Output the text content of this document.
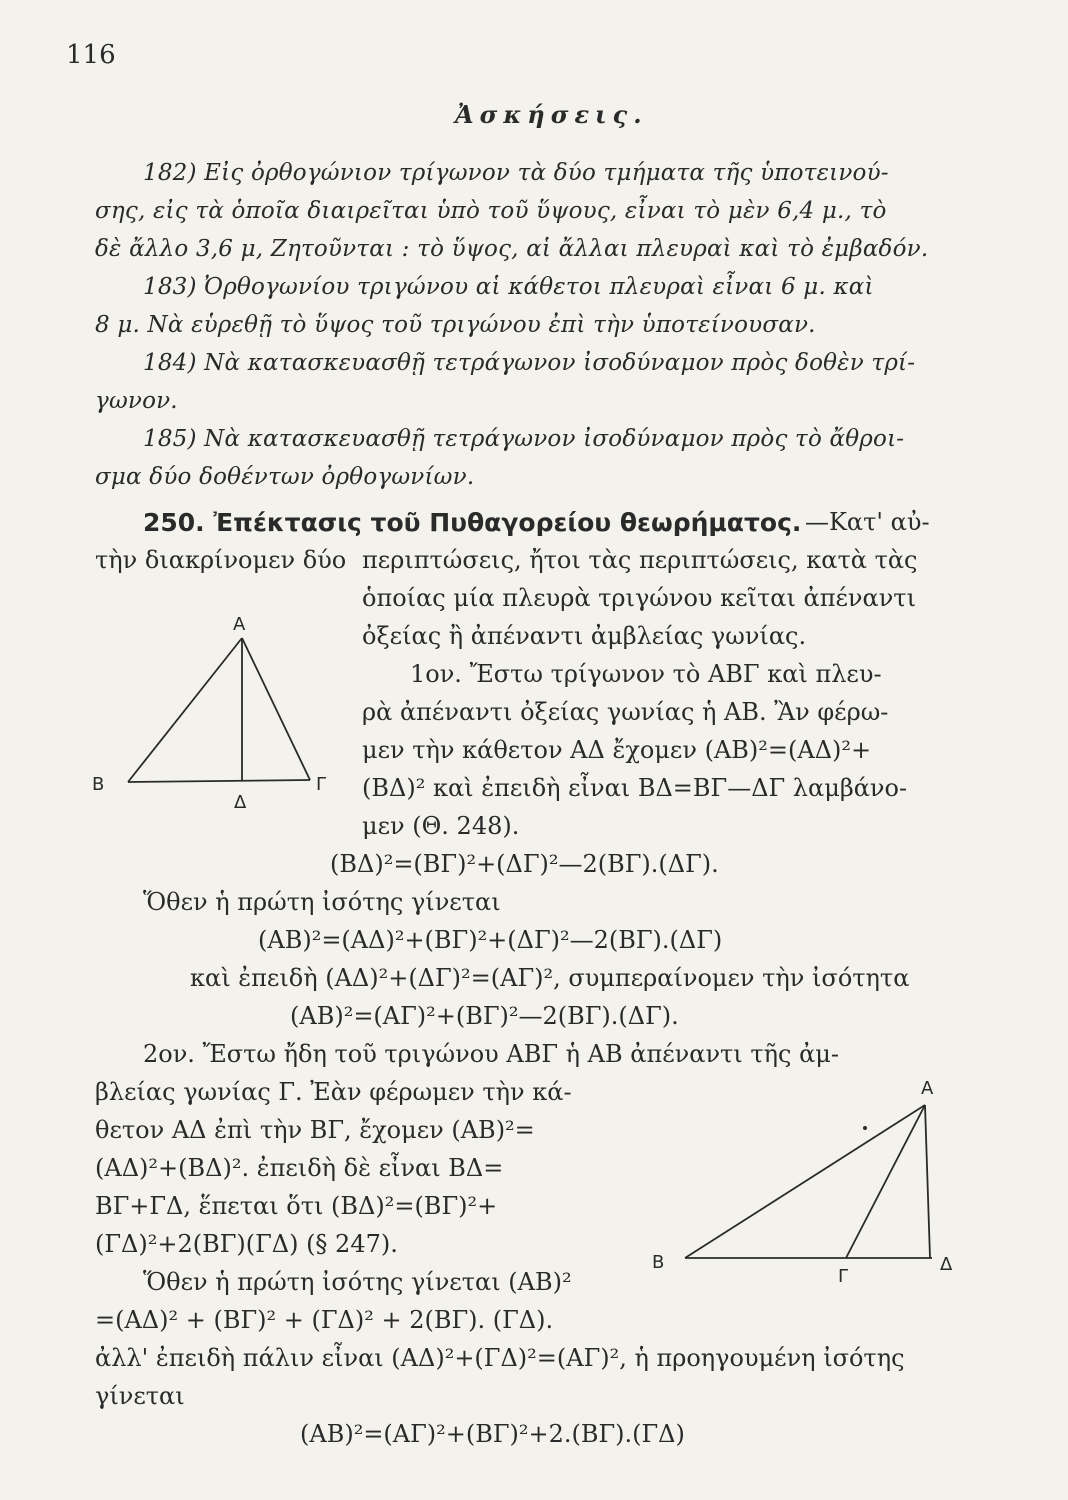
116
Ἀσκήσεις.
182) Εἰς ὀρθογώνιον τρίγωνον τὰ δύο τμήματα τῆς ὑποτεινού-
σης, εἰς τὰ ὁποῖα διαιρεῖται ὑπὸ τοῦ ὕψους, εἶναι τὸ μὲν 6,4 μ., τὸ
δὲ ἄλλο 3,6 μ, Ζητοῦνται : τὸ ὕψος, αἱ ἄλλαι πλευραὶ καὶ τὸ ἐμβαδόν.
183) Ὀρθογωνίου τριγώνου αἱ κάθετοι πλευραὶ εἶναι 6 μ. καὶ
8 μ. Νὰ εὑρεθῇ τὸ ὕψος τοῦ τριγώνου ἐπὶ τὴν ὑποτείνουσαν.
184) Νὰ κατασκευασθῇ τετράγωνον ἰσοδύναμον πρὸς δοθὲν τρί-
γωνον.
185) Νὰ κατασκευασθῇ τετράγωνον ἰσοδύναμον πρὸς τὸ ἄθροι-
σμα δύο δοθέντων ὀρθογωνίων.
250. Ἐπέκτασις τοῦ Πυθαγορείου θεωρήματος. —Κατ' αὐ-
τὴν διακρίνομεν δύο περιπτώσεις, ἤτοι τὰς περιπτώσεις, κατὰ τὰς
ὁποίας μία πλευρὰ τριγώνου κεῖται ἀπέναντι
ὀξείας ἢ ἀπέναντι ἀμβλείας γωνίας.
1ον. Ἔστω τρίγωνον τὸ ΑΒΓ καὶ πλευ-
ρὰ ἀπέναντι ὀξείας γωνίας ἡ ΑΒ. Ἂν φέρω-
μεν τὴν κάθετον ΑΔ ἔχομεν (ΑΒ)²=(ΑΔ)²+
(ΒΔ)² καὶ ἐπειδὴ εἶναι ΒΔ=ΒΓ—ΔΓ λαμβάνο-
μεν (Θ. 248).
(ΒΔ)²=(ΒΓ)²+(ΔΓ)²—2(ΒΓ).(ΔΓ).
Ὅθεν ἡ πρώτη ἰσότης γίνεται
(ΑΒ)²=(ΑΔ)²+(ΒΓ)²+(ΔΓ)²—2(ΒΓ).(ΔΓ)
καὶ ἐπειδὴ (ΑΔ)²+(ΔΓ)²=(ΑΓ)², συμπεραίνομεν τὴν ἰσότητα
(ΑΒ)²=(ΑΓ)²+(ΒΓ)²—2(ΒΓ).(ΔΓ).
2ον. Ἔστω ἤδη τοῦ τριγώνου ΑΒΓ ἡ ΑΒ ἀπέναντι τῆς ἀμ-
βλείας γωνίας Γ. Ἐὰν φέρωμεν τὴν κά-
θετον ΑΔ ἐπὶ τὴν ΒΓ, ἔχομεν (ΑΒ)²=
(ΑΔ)²+(ΒΔ)². ἐπειδὴ δὲ εἶναι ΒΔ=
ΒΓ+ΓΔ, ἕπεται ὅτι (ΒΔ)²=(ΒΓ)²+
(ΓΔ)²+2(ΒΓ)(ΓΔ) (§ 247).
Ὅθεν ἡ πρώτη ἰσότης γίνεται (ΑΒ)²
=(ΑΔ)² + (ΒΓ)² + (ΓΔ)² + 2(ΒΓ). (ΓΔ).
ἀλλ' ἐπειδὴ πάλιν εἶναι (ΑΔ)²+(ΓΔ)²=(ΑΓ)², ἡ προηγουμένη ἰσότης
γίνεται
(ΑΒ)²=(ΑΓ)²+(ΒΓ)²+2.(ΒΓ).(ΓΔ)
Α
Β	Γ
Δ
Α
Β
Γ
Δ
